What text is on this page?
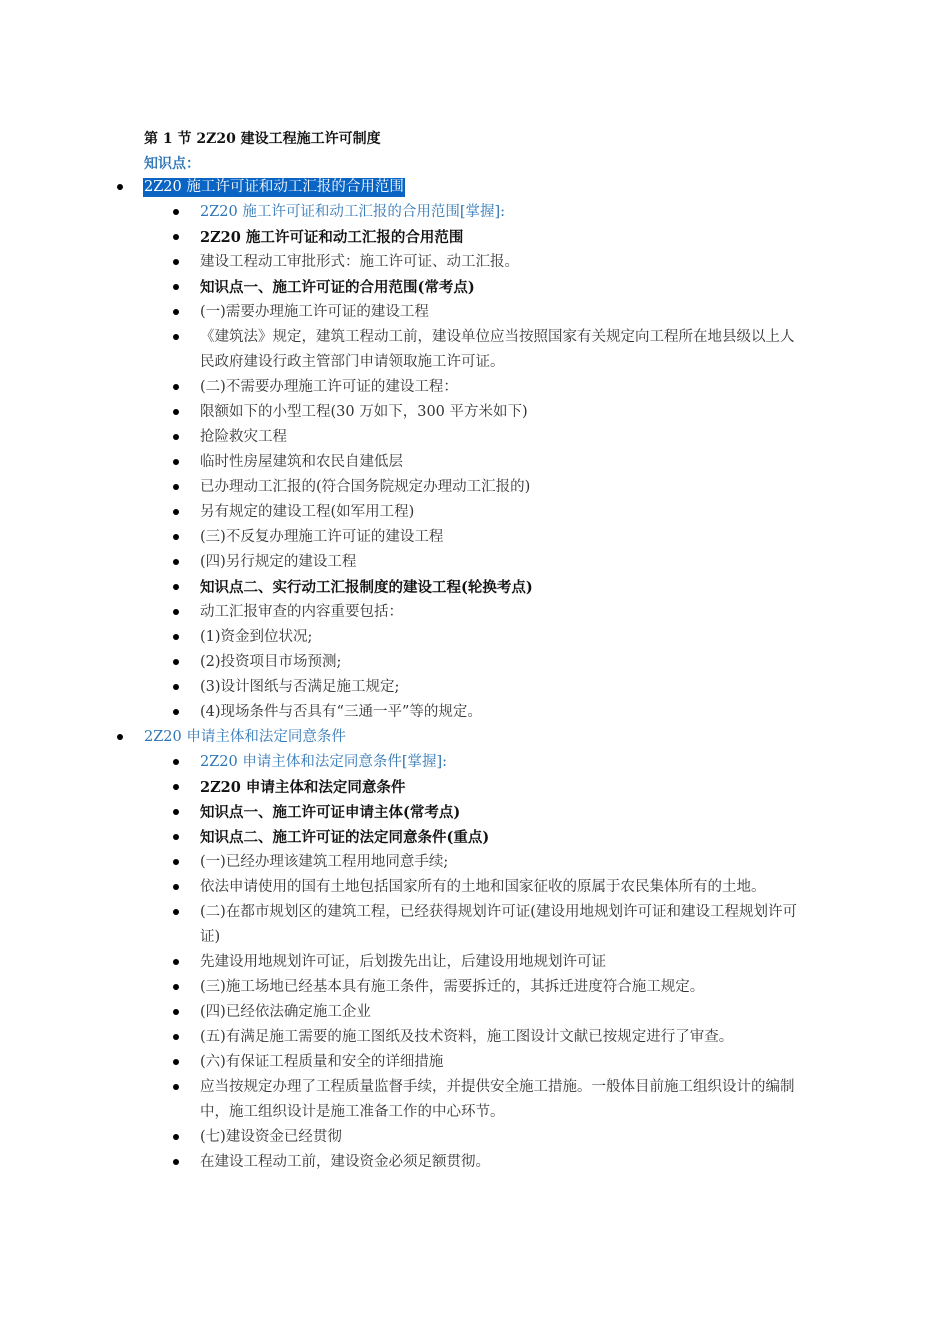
第 1 节 2Z20 建设工程施工许可制度
知识点：
2Z20 施工许可证和动工汇报的合用范围
2Z20 施工许可证和动工汇报的合用范围[掌握]:
2Z20 施工许可证和动工汇报的合用范围
建设工程动工审批形式：施工许可证、动工汇报。
知识点一、施工许可证的合用范围(常考点)
(一)需要办理施工许可证的建设工程
《建筑法》规定，建筑工程动工前，建设单位应当按照国家有关规定向工程所在地县级以上人民政府建设行政主管部门申请领取施工许可证。
(二)不需要办理施工许可证的建设工程：
限额如下的小型工程(30 万如下，300 平方米如下)
抢险救灾工程
临时性房屋建筑和农民自建低层
已办理动工汇报的(符合国务院规定办理动工汇报的)
另有规定的建设工程(如军用工程)
(三)不反复办理施工许可证的建设工程
(四)另行规定的建设工程
知识点二、实行动工汇报制度的建设工程(轮换考点)
动工汇报审查的内容重要包括：
(1)资金到位状况;
(2)投资项目市场预测;
(3)设计图纸与否满足施工规定;
(4)现场条件与否具有“三通一平”等的规定。
2Z20 申请主体和法定同意条件
2Z20 申请主体和法定同意条件[掌握]:
2Z20 申请主体和法定同意条件
知识点一、施工许可证申请主体(常考点)
知识点二、施工许可证的法定同意条件(重点)
(一)已经办理该建筑工程用地同意手续;
依法申请使用的国有土地包括国家所有的土地和国家征收的原属于农民集体所有的土地。
(二)在都市规划区的建筑工程，已经获得规划许可证(建设用地规划许可证和建设工程规划许可证)
先建设用地规划许可证，后划拨先出让，后建设用地规划许可证
(三)施工场地已经基本具有施工条件，需要拆迁的，其拆迁进度符合施工规定。
(四)已经依法确定施工企业
(五)有满足施工需要的施工图纸及技术资料，施工图设计文献已按规定进行了审查。
(六)有保证工程质量和安全的详细措施
应当按规定办理了工程质量监督手续，并提供安全施工措施。一般体目前施工组织设计的编制中，施工组织设计是施工准备工作的中心环节。
(七)建设资金已经贯彻
在建设工程动工前，建设资金必须足额贯彻。
